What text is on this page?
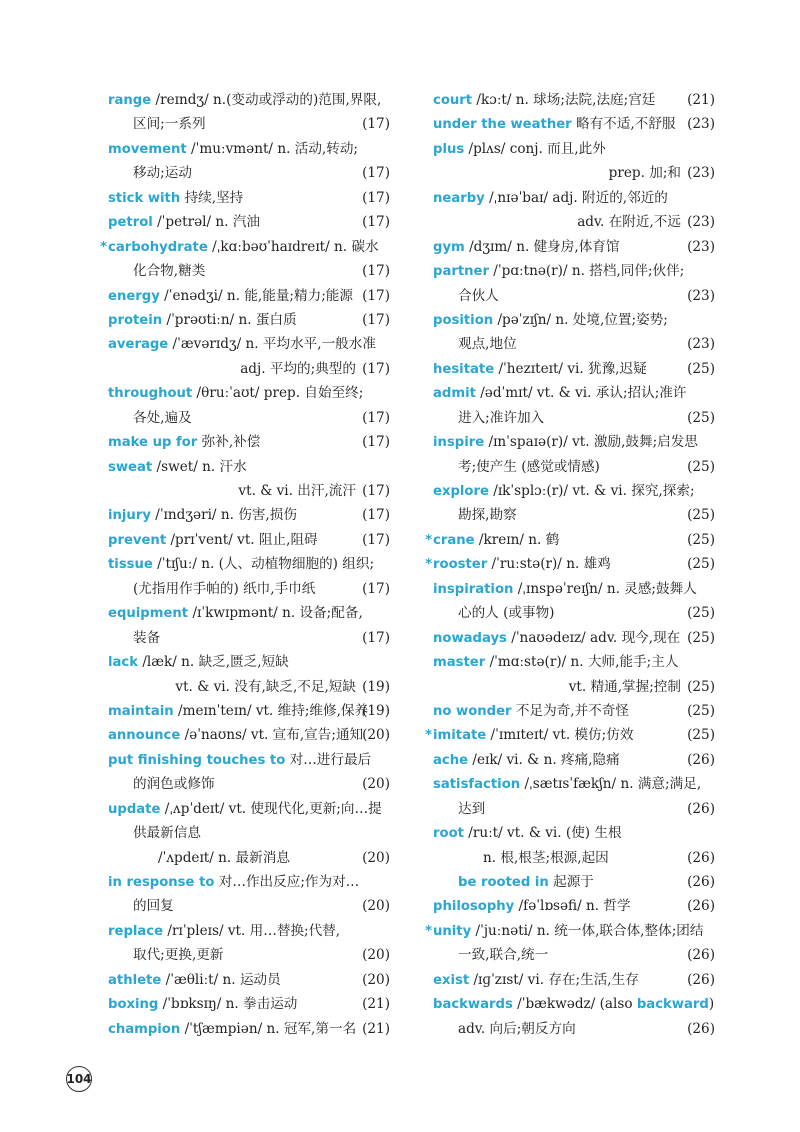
range /reɪndʒ/ n.(变动或浮动的)范围,界限,
区间;一系列	(17)
movement /ˈmuːvmənt/ n. 活动,转动;
移动;运动	(17)
stick with 持续,坚持	(17)
petrol /ˈpetrəl/ n. 汽油	(17)
* carbohydrate /ˌkɑːbəʊˈhaɪdreɪt/ n. 碳水
化合物,糖类	(17)
energy /ˈenədʒi/ n. 能,能量;精力;能源 (17)
protein /ˈprəʊtiːn/ n. 蛋白质	(17)
average /ˈævərɪdʒ/ n. 平均水平,一般水准
adj. 平均的;典型的 (17)
throughout /θruːˈaʊt/ prep. 自始至终;
各处,遍及	(17)
make up for 弥补,补偿	(17)
sweat /swet/ n. 汗水
vt. & vi. 出汗,流汗 (17)
injury /ˈɪndʒəri/ n. 伤害,损伤	(17)
prevent /prɪˈvent/ vt. 阻止,阻碍	(17)
tissue /ˈtɪʃuː/ n. (人、动植物细胞的) 组织;
(尤指用作手帕的) 纸巾,手巾纸	(17)
equipment /ɪˈkwɪpmənt/ n. 设备;配备,
装备	(17)
lack /læk/ n. 缺乏,匮乏,短缺
vt. & vi. 没有,缺乏,不足,短缺 (19)
maintain /meɪnˈteɪn/ vt. 维持;维修,保养
(19)
announce /əˈnaʊns/ vt. 宣布,宣告;通知
(20)
put finishing touches to 对…进行最后
的润色或修饰	(20)
update /ˌʌpˈdeɪt/ vt. 使现代化,更新;向…提
供最新信息
/ˈʌpdeɪt/ n. 最新消息	(20)
in response to 对…作出反应;作为对…
的回复	(20)
replace /rɪˈpleɪs/ vt. 用…替换;代替,
取代;更换,更新	(20)
athlete /ˈæθliːt/ n. 运动员	(20)
boxing /ˈbɒksɪŋ/ n. 拳击运动	(21)
champion /ˈtʃæmpiən/ n. 冠军,第一名 (21)
court /kɔːt/ n. 球场;法院,法庭;宫廷 (21)
under the weather 略有不适,不舒服 (23)
plus /plʌs/ conj. 而且,此外
prep. 加;和 (23)
nearby /ˌnɪəˈbaɪ/ adj. 附近的,邻近的
adv. 在附近,不远 (23)
gym /dʒɪm/ n. 健身房,体育馆	(23)
partner /ˈpɑːtnə(r)/ n. 搭档,同伴;伙伴;
合伙人	(23)
position /pəˈzɪʃn/ n. 处境,位置;姿势;
观点,地位	(23)
hesitate /ˈhezɪteɪt/ vi. 犹豫,迟疑	(25)
admit /ədˈmɪt/ vt. & vi. 承认;招认;准许
进入;准许加入	(25)
inspire /ɪnˈspaɪə(r)/ vt. 激励,鼓舞;启发思
考;使产生 (感觉或情感)	(25)
explore /ɪkˈsplɔː(r)/ vt. & vi. 探究,探索;
勘探,勘察	(25)
* crane /kreɪn/ n. 鹤	(25)
* rooster /ˈruːstə(r)/ n. 雄鸡	(25)
inspiration /ˌɪnspəˈreɪʃn/ n. 灵感;鼓舞人
心的人 (或事物)	(25)
nowadays /ˈnaʊədeɪz/ adv. 现今,现在 (25)
master /ˈmɑːstə(r)/ n. 大师,能手;主人
vt. 精通,掌握;控制 (25)
no wonder 不足为奇,并不奇怪	(25)
* imitate /ˈɪmɪteɪt/ vt. 模仿;仿效	(25)
ache /eɪk/ vi. & n. 疼痛,隐痛	(26)
satisfaction /ˌsætɪsˈfækʃn/ n. 满意;满足,
达到	(26)
root /ruːt/ vt. & vi. (使) 生根
n. 根,根茎;根源,起因	(26)
be rooted in 起源于	(26)
philosophy /fəˈlɒsəfi/ n. 哲学	(26)
* unity /ˈjuːnəti/ n. 统一体,联合体,整体;团结
一致,联合,统一	(26)
exist /ɪɡˈzɪst/ vi. 存在;生活,生存	(26)
backwards /ˈbækwədz/ (also backward)
adv. 向后;朝反方向	(26)
104
